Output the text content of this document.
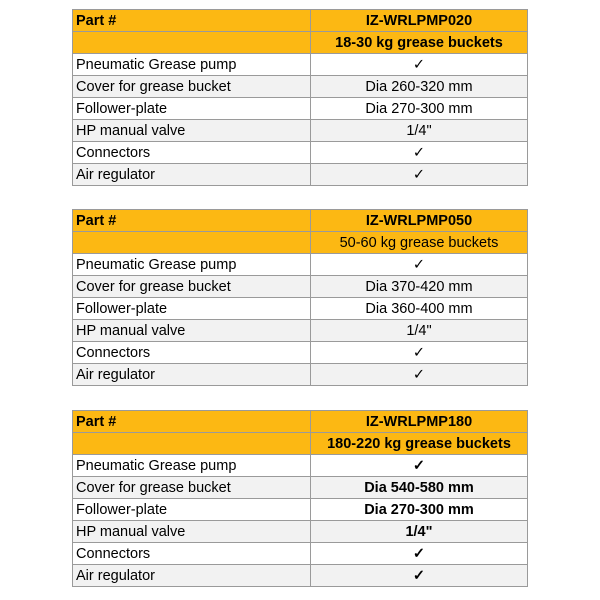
Part #	IZ-WRLPMP020
	18-30 kg grease buckets
Pneumatic Grease pump	✓
Cover for grease bucket	Dia 260-320 mm
Follower-plate	Dia 270-300 mm
HP manual valve	1/4"
Connectors	✓
Air regulator	✓
Part #	IZ-WRLPMP050
	50-60 kg grease buckets
Pneumatic Grease pump	✓
Cover for grease bucket	Dia 370-420 mm
Follower-plate	Dia 360-400 mm
HP manual valve	1/4"
Connectors	✓
Air regulator	✓
Part #	IZ-WRLPMP180
	180-220 kg grease buckets
Pneumatic Grease pump	✓
Cover for grease bucket	Dia 540-580 mm
Follower-plate	Dia 270-300 mm
HP manual valve	1/4"
Connectors	✓
Air regulator	✓
